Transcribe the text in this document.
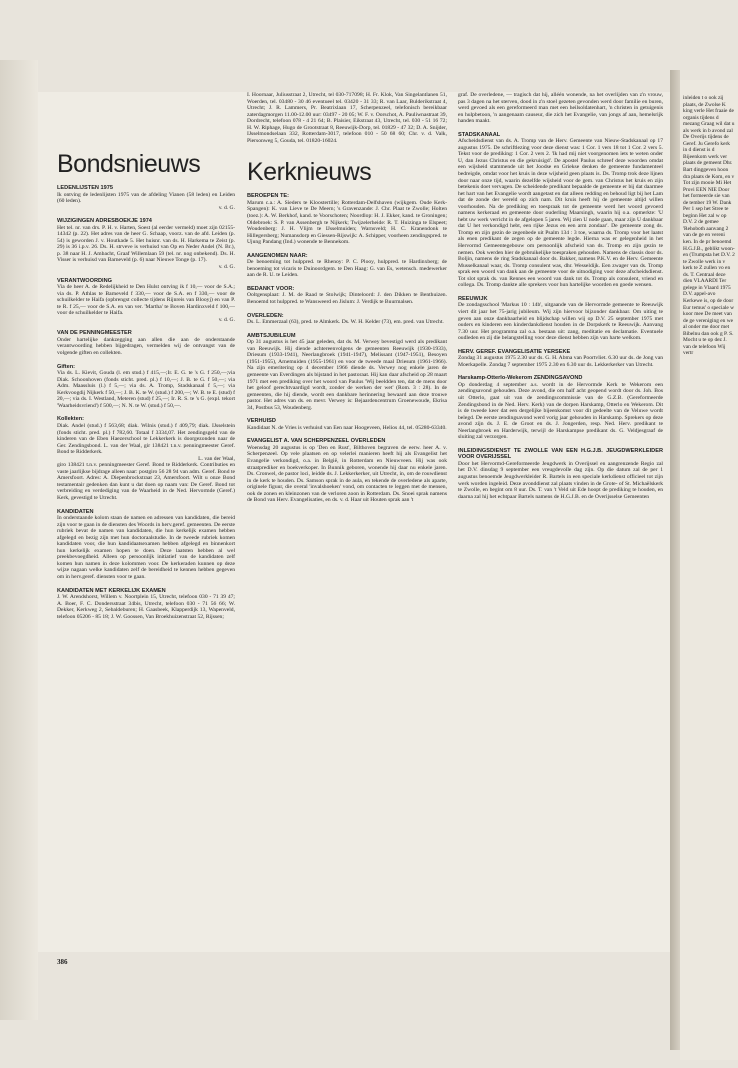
Bondsnieuws
LEDENLIJSTEN 1975

Ik ontving de ledenlijsten 1975 van de afdeling Vianen (58 leden) en Leiden (60 leden).

v. d. G.

WIJZIGINGEN ADRESBOEKJE 1974

Het tel. nr. van drs. P. H. v. Harten, Soest (al eerder vermeld) moet zijn 02155-14342 (p. 22). Het adres van de heer G. Schaap, voorz. van de afd. Leiden (p. 54) is geworden J. v. Houtkade 5. Het huisnr. van ds. H. Harkema te Zeist (p. 29) is 36 i.p.v. 26. Ds. H. strveve is verhuisd van Op en Neder Andel (N. Br.), p. 38 naar H. J. Ambacht, Graaf Willemlaan 59 (tel. nr. nog onbekend). Ds. H. Visser is verhuisd van Barneveld (p. 6) naar Nieuwe Tonge (p. 17).

v. d. G.

VERANTWOORDING

Via de heer A. de Redelijkheid te Den Hulst ontving ik f 10,— voor de S.A.; via ds. P. Athlas te Barneveld f 330,— voor de S.A. en f 330,— voor de schuilkelder te Haifa (opbrengst collecte tijdens Rijnreis van Blooyj) en van P. te R. f 25,— voor de S.A. en van ver. 'Martha' te Boven Hardinxveld f 100,— voor de schuilkelder te Haifa.

v. d. G.

VAN DE PENNINGMEESTER

Onder hartelijke dankzegging aan allen die aan de onderstaande verantwoording hebben bijgedragen, vermelden wij de ontvangst van de volgende giften en collekten.

Giften:

Via ds. L. Kievit, Gouda (l. em stud.) f 415,—;Ir. E. G. te 's G. f 250,—;via Diak. Schoonhoven (fonds sticht. pred. pl.) f 10,—; J. B. te G. f 50,—; via Adm. Maassluis (l.) f 5,—; via ds. A. Tromp, Stadskanaal f 5,—; via Kerkvoogdij Nijkerk f 50,—; J. B. K. te W. (stud.) f 200,—; W. B. te E. (stud) f 20,—; via ds. I. Westland, Meteren (stud) f 25,—; Ir. R. S. te 's G. (expl. tekort 'Waarheidsvriend') f 500,—; N. N. te W. (stud.) f 50,—.

Kollekten:

Diak. Andel (stud.) f 563,68; diak. Wilnis (stud.) f 409,79; diak. IJsselstein (fonds sticht. pred. pl.) f 782,60. Totaal f 3334,07. Het zendingsgeld van de kinderen van de Eben Haezerschool te Lekkerkerk is doorgezonden naar de Ger. Zendingsbond. L. van der Waal, gir 138421 t.n.v. penningmeester Geref. Bond te Ridderkerk.

L. van der Waal,

giro 138421 t.n.v. penningmeester Geref. Bond te Ridderkerk. Contributies en vaste jaarlijkse bijdrage alleen naar: postgiro 56 28 94 van adm. Geref. Bond te Amersfoort. Adres: A. Diepenbrockstraat 23, Amersfoort. Wilt u onze Bond testamentair gedenken dan kunt u dat doen op naam van: De Geref. Bond tot verbreiding en verdediging van de Waarheid in de Ned. Hervormde (Geref.) Kerk, gevestigd te Utrecht.

KANDIDATEN

In onderstaande kolom staan de namen en adressen van kandidaten, die bereid zijn voor te gaan in de diensten des Woords in herv.geref. gemeenten. De eerste rubriek bevat de namen van kandidaten, die hun kerkelijk examen hebben afgelegd en bezig zijn met hun doctoraalstudie. In de tweede rubriek komen kandidaten voor, die hun kandidaatsexamen hebben afgelegd en binnenkort hun kerkelijk examen hopen te doen. Deze laatsten hebben al wel preekbevoegdheid. Alleen op persoonlijk initiatief van de kandidaten zelf komen hun namen in deze kolommen voor. De kerkeraden kunnen op deze wijze nagaan welke kandidaten zelf de bereidheid te kennen hebben gegeven om in herv.geref. diensten voor te gaan.

KANDIDATEN MET KERKELIJK EXAMEN

J. W. Arendshorst, Willem v. Noortplein 15, Utrecht, telefoon 030 - 71 39 47; A. Boer, F. C. Dondersstraat 34bis, Utrecht, telefoon 030 - 71 56 66; W. Dekker, Kerkweg 2, Sebaldeburen; H. Gaasbeek, Klapperdijk 13, Wapenveld, telefoon 05206 - 85 18; J. W. Goossen, Van Broekhuizenstraat 52, Rijssen;

I. Hoornaar, Juliusstraat 2, Utrecht, tel 030-717098; H. Fr. Klok, Van Singelantlanen 51, Woerden, tel. 03480 - 30 46 eventueel tel. 03420 - 31 33; R. van Laar, Bulderikstraat 4, Utrecht; J. R. Lammers, Pr. Beatrixlaan 17, Scherpenzeel, telefonisch bereikbaar zaterdagmorgen 11.00-12.00 uur: 03497 - 20 05; W. F. v. Oorschot, A. Pauliwnastraat 39, Dordrecht, telefoon 078 - 4 21 64; B. Plaisier, Eikstraat 43, Utrecht, tel. 030 - 51 16 72; H. W. Riphage, Hugo de Grootstraat 8, Reeuwijk-Dorp, tel. 01829 - 47 32; D. A. Snijder, IJsselmondselaan 332, Rotterdam-3017, telefoon 010 - 50 68 60; Chr. v. d. Valk, Piersonweg 5, Gouda, tel. 01820-16024.

Kerknieuws
BEROEPEN TE:

Marum c.a.: A. Sieders te Kloostertille; Rotterdam-Delfshaven (wijkgem. Oude Kerk-Spangen): K. van Lieve te De Meern; 's Gravenzande: J. Chr. Plaat te Zwolle; Holten (toez.): A. W. Berkhof, kand. te Voorschoten; Noordlop: H. J. Ekker, kand. te Groningen; Oldebroek: S. P. van Assenbergh te Nijkerk; Twijzelerheide: R. T. Huizinga te Elspeet; Woudenberg: J. H. Vlijm te IJsselmuiden; Warnsveld; H. C. Kranendonk te Hillegersberg; Numansdorp en Giessen-Rijswijk: A. Schipper, voorheen zendingspred. te Ujung Pandang (Ind.) wonende te Bennekom.

AANGENOMEN NAAR:

De benoeming tot hulppred. te Rhenoy: P. C. Plooy, hulppred. te Hardinxberg; de benoeming tot vicaris te Duinoordgem. te Den Haag: G. van Es, wetensch. medewerker aan de R. U. te Leiden.

BEDANKT VOOR:

Ooltgensplaat: J. M. de Raad te Stolwijk; Dinteloord: J. den Dikken te Benthuizen. Benoemd tot hulppred. te Wansweerd en Jislum: J. Verdijk te Buurmalsen.

OVERLEDEN:

Ds. L. Emmerzaal (63), pred. te Almkerk. Ds. W. H. Kelder (73), em. pred. van Utrecht.

AMBTSJUBILEUM

Op 31 augustus is het 45 jaar geleden, dat ds. M. Verwey bevestigd werd als predikant van Reeuwijk. Hij diende achtereenvolgens de gemeenten Reeuwijk (1930-1933), Driesum (1933-1941), Neerlangbroek (1941-1947), Melissant (1947-1951), Besoyen (1951-1955), Arnemuiden (1955-1961) en voor de tweede maal Driesum (1961-1966). Na zijn emeritering op 4 december 1966 diende ds. Verwey nog enkele jaren de gemeente van Everdingen als bijstand in het pastoraat. Hij kan daar afscheid op 28 maart 1971 met een prediking over het woord van Paulus 'Wij beeldden ten, dat de mens door het geloof gerechtvaardigd wordt, zonder de werken der wet' (Rom. 3 : 28). In de gemeenten, die hij diende, wordt een dankbare herinnering bewaard aan deze trouwe pastor. Het adres van ds. en mevr. Verwey is: Bejaardencentrum Groenewoude, Ekrisa 34, Postbus 53, Woudenberg.

VERHUISD

Kandidaat N. de Vries is verhuisd van Een naar Hoogeveen, Helios 44, tel. 05280-63340.

EVANGELIST A. VAN SCHERPENZEEL OVERLEDEN

Woensdag 20 augustus is op 'Den en Rust', Bilthoven begraven de eerw. heer A. v. Scherpenzeel. Op vele plaatsen en op velerlei manieren heeft hij als Evangelist het Evangelie verkondigd, o.a. in België, in Rotterdam en Nieuwveen. Hij was ook straatprediker en boekverkoper. In Bunnik geboren, wonende hij daar nu enkele jaren. Ds. Cronwel, de pastor loci, leidde ds. J. Lekkerkerker, uit Utrecht, in, om de rouwdienst in de kerk te houden. Ds. Samson sprak in de aula, en tekende de overledene als aparte, originele figuur, die overal 'invalshoeken' vond, om contacten te leggen met de mensen, ook de zonen en kleinzonen van de verloren zoon in Rotterdam. Ds. Snoei sprak namens de Bond van Herv. Evangelisaties, en ds. v. d. Haar uit Houten sprak aan 't

graf. De overledene, — tragisch dat hij, alléén wonende, na het overlijden van z'n vrouw, pas 3 dagen na het sterven, dood in z'n stoel gezeten gevonden werd door familie en buren, werd gevoed als een gereformeerd man met een heilsoldatenhart, 'n christen in getuigenis en hulpbetoon, 'n aangenaam causeur, die zich het Evangelie, van jongs af aan, hemelsrijk handen maakt.

STADSKANAAL

Afscheidsdienst van ds. A. Tromp van de Herv. Gemeente van Nieuw-Stadskanaal op 17 augustus 1975. De schriftlezing voor deze dienst was: 1 Cor. 1 vers 18 tot 1 Cor. 2 vers 5. Tekst voor de prediking: 1 Cor. 2 vers 2. 'Ik had mij niet voorgenomen iets te weten onder U, dan Jezus Christus en die gekruisigd'. De apostel Paulus schreef deze woorden omdat een wijsheid stammende uit het Joodse en Griekse denken de gemeente fundamenteel bedreigde, omdat voor het kruis in deze wijsheid geen plaats is. Ds. Tromp trok deze lijnen door naar onze tijd, waarin dezelfde wijsheid voor de gem. van Christus het kruis en zijn betekenis doet vervagen. De scheidende predikant bepaalde de gemeente er bij dat daarmee het hart van het Evangelie wordt aangetast en dat alleen redding en behoud ligt bij het Lam dat de zonde der wereld op zich nam. Dit kruis heeft hij de gemeente altijd willen voorhouden. Na de prediking en toespraak tot de gemeente werd het woord gevoerd namens kerkeraad en gemeente door ouderling Maarsingh, waarin hij o.a. opmerkte: 'U hebt uw werk verricht in de afgelopen 5 jaren. Wij zien U node gaan, maar zijn U dankbaar dat U het verkondigd hebt, een rijke Jezus en een arm zondaar'. De gemeente zong ds. Tromp en zijn gezin de zegenbede uit Psalm 134 : 3 toe, waarna ds. Tromp voor het laatst als enen predikant de zegen op de gemeente legde. Hierna was er gelegenheid in het Hervormd Gemeentegebouw om persoonlijk afscheid van ds. Tromp en zijn gezin te nemen. Ook werden hier de gebruikelijke toespraken gehouden. Namens de classis door ds. Boljin, namens de ring Stadskanaal door ds. Bakker, namens P.K.V. en de Herv. Gemeente Musselkanaal waar, ds. Tromp consulent was, dhr. Wesseldijk. Een zwager van ds. Tromp sprak een woord van dank aan de gemeente voor de uitnodiging voor deze afscheidsdienst. Tot slot sprak ds. van Rennes een woord van dank tot ds. Tromp als consulent, vriend en collega. Ds. Tromp dankte alle sprekers voor hun hartelijke woorden en goede wensen.

REEUWIJK

De zondagsschool 'Markus 10 : 14b', uitgaande van de Hervormde gemeente te Reeuwijk viert dit jaar het 75-jarig jubileum. Wij zijn hiervoor bijzonder dankbaar. Om uiting te geven aan onze dankbaarheid en blijdschap willen wij op D.V. 25 september 1975 met ouders en kinderen een kinderdankdienst houden in de Dorpskerk te Reeuwijk. Aanvang 7.30 uur. Het programma zal o.a. bestaan uit: zang, meditatie en declamatie. Eventuele oudleden en zij die belangstelling voor deze dienst hebben zijn van harte welkom.

HERV. GEREF. EVANGELISATIE YERSEKE

Zondag 31 augustus 1975 2.30 uur ds. G. H. Abma van Poortvliet. 6.30 uur ds. de Jong van Moerkapelle. Zondag 7 september 1975 2.30 en 6.30 uur ds. Lekkerkerker van Utrecht.

Harskamp-Otterlo-Wekerom ZENDINGSAVOND

Op donderdag 4 september a.s. wordt in de Hervormde Kerk te Wekerom een zendingsavond gehouden. Deze avond, die om half acht geopend wordt door ds. Joh. Bos uit Otterlo, gaat uit van de zendingscommissie van de G.Z.B. (Gereformeerde Zendingsbond in de Ned. Herv. Kerk) van de dorpen Harskamp, Otterlo en Wekerom. Dit is de tweede keer dat een dergelijke bijeenkomst voor dit gedeelte van de Veluwe wordt belegd. De eerste zendingsavond werd vorig jaar gehouden in Harskamp. Sprekers op deze avond zijn ds. J. E. de Groot en ds. J. Jongerden, resp. Ned. Herv. predikant te Neerlangbroek en Harderwijk, terwijl de Harskampse predikant ds. G. Veldjesgraaf de sluiting zal verzorgen.

INLEIDINGSDIENST TE ZWOLLE VAN EEN H.G.J.B. JEUGDWERKLEIDER VOOR OVERIJSSEL

Door het Hervormd-Gereformeerde Jeugdwerk in Overijssel en aangrenzende Regio zal het D.V. dinsdag 9 september een vreugdevolle dag zijn. Op die datum zal de per 1 augustus benoemde Jeugdwerkleider R. Bartels in een speciale kerkdienst officieel tot zijn werk worden ingeleid. Deze avonddienst zal plaats vinden in de Grote- of St. Michaëlskerk te Zwolle, en begint om 8 uur. Ds. T. van 't Veld uit Ede hoopt de prediking te houden, en daarna zal hij het echtpaar Bartels namens de H.G.J.B. en de Overijsselse Gemeenten

inleiden t o ook zij plaats, de Zwolse K king verle Het fraaie de organis tijdens d mezang Graag wil dat u als werk in b avond zal De Overijs tijdens de Geref. Ju Gerefo kerk in d dienst is d Bijeenkom werk ver plaats de gemeent Dhr. Bart dinggeven hoon dra plaats de Kom, en v Tot zijn mooie Mi Het Provi EEN NIE Door het formeerde sie van de tember 19 W. Dank Per 1 sep het Stree te beginn Het zal w op D.V. 2 de gemee 'Rehoboth aanvang 2 van de ge en vereni ken. In de pr benoemd H.G.J.B., geblikt woon- en (Trumpsta het D.V. 2 te Zwolle werk in v kerk te Z zullen vo en ds. T. Centraal deze dien VLAARDI Ter gelege in Vlaard 1975 D.V. appel-avo Kerkewe is, op de door Eur temus' o speciale w koor mee De meet van de ge vereniging en we al onder me door met Bibelnu dan ook g P. S. Mocht u te op dez J. van de telefoon Wij vertr
386
